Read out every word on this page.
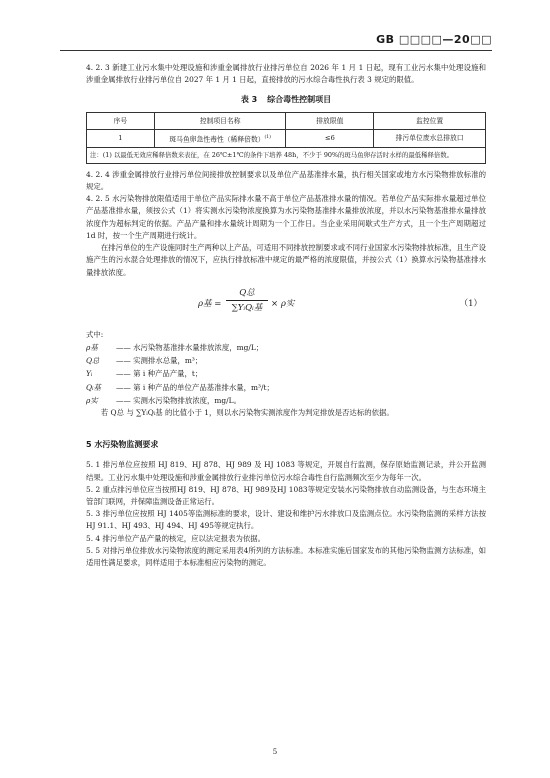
GB □□□□—20□□

4. 2. 3 新建工业污水集中处理设施和涉重金属排放行业排污单位自 2026 年 1 月 1 日起，现有工业污水集中处理设施和涉重金属排放行业排污单位自 2027 年 1 月 1 日起，直接排放的污水综合毒性执行表 3 规定的限值。

表 3 综合毒性控制项目
序号	控制项目名称	排放限值	监控位置
1	斑马鱼卵急性毒性（稀释倍数）$^{(1)}$	≤6	排污单位废水总排放口
注：(1) 以最低无效应稀释倍数来表征，在 26℃±1℃的条件下培养 48h，不少于 90%的斑马鱼卵存活时水样的最低稀释倍数。			

4. 2. 4 涉重金属排放行业排污单位间接排放控制要求以及单位产品基准排水量，执行相关国家或地方水污染物排放标准的规定。

4. 2. 5 水污染物排放限值适用于单位产品实际排水量不高于单位产品基准排水量的情况。若单位产品实际排水量超过单位产品基准排水量，须按公式（1）将实测水污染物浓度换算为水污染物基准排水量排放浓度，并以水污染物基准排水量排放浓度作为超标判定的依据。产品产量和排水量统计周期为一个工作日。当企业采用间歇式生产方式，且一个生产周期超过 1d 时，按一个生产周期进行统计。

在排污单位的生产设施同时生产两种以上产品，可适用不同排放控制要求或不同行业国家水污染物排放标准，且生产设施产生的污水混合处理排放的情况下，应执行排放标准中规定的最严格的浓度限值，并按公式（1）换算水污染物基准排水量排放浓度。

ρ基 =
Q总
∑YᵢQᵢ基	× ρ实	（1）
式中:
ρ基 —— 水污染物基准排水量排放浓度，mg/L；
Q总 —— 实测排水总量，m³；
Yᵢ	—— 第 i 种产品产量，t；
Qᵢ基 —— 第 i 种产品的单位产品基准排水量，m³/t；
ρ实 —— 实测水污染物排放浓度，mg/L。

若 Q总 与 ∑YᵢQᵢ基 的比值小于 1，则以水污染物实测浓度作为判定排放是否达标的依据。

5 水污染物监测要求

5. 1 排污单位应按照 HJ 819、HJ 878、HJ 989 及 HJ 1083 等规定，开展自行监测，保存原始监测记录，并公开监测结果。工业污水集中处理设施和涉重金属排放行业排污单位污水综合毒性自行监测频次至少为每年一次。

5. 2 重点排污单位应当按照HJ 819、HJ 878、HJ 989及HJ 1083等规定安装水污染物排放自动监测设备，与生态环境主管部门联网，并保障监测设备正常运行。

5. 3 排污单位应按照 HJ 1405等监测标准的要求，设计、建设和维护污水排放口及监测点位。水污染物监测的采样方法按HJ 91.1、HJ 493、HJ 494、HJ 495等规定执行。

5. 4 排污单位产品产量的核定，应以法定报表为依据。

5. 5 对排污单位排放水污染物浓度的测定采用表4所列的方法标准。本标准实施后国家发布的其他污染物监测方法标准，如适用性满足要求，同样适用于本标准相应污染物的测定。

5
